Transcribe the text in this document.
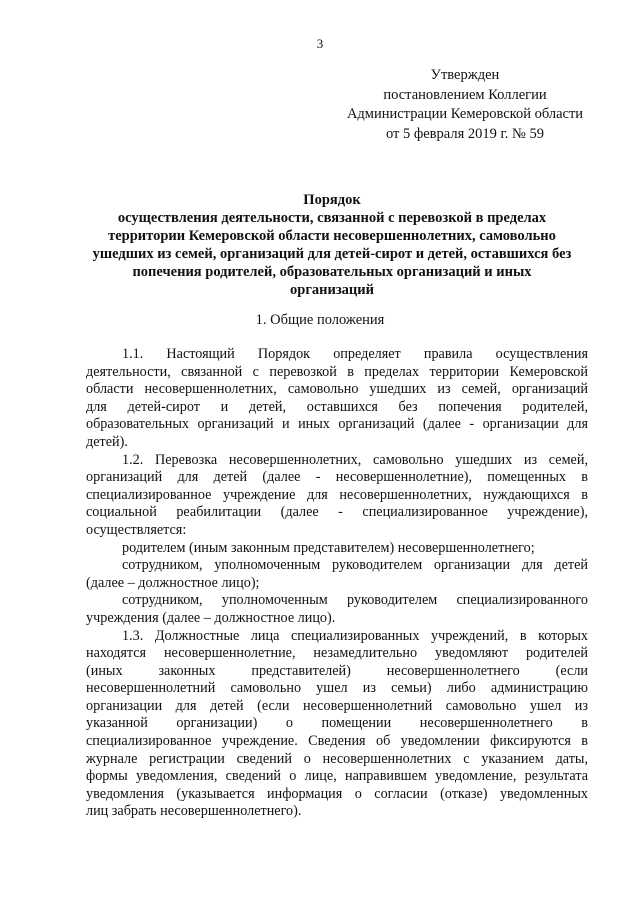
3
Утвержден
постановлением Коллегии
Администрации Кемеровской области
от 5 февраля 2019 г. № 59
Порядок
осуществления деятельности, связанной с перевозкой в пределах
территории Кемеровской области несовершеннолетних, самовольно
ушедших из семей, организаций для детей-сирот и детей, оставшихся без
попечения родителей, образовательных организаций и иных
организаций
1. Общие положения
1.1. Настоящий Порядок определяет правила осуществления
деятельности, связанной с перевозкой в пределах территории Кемеровской
области несовершеннолетних, самовольно ушедших из семей, организаций
для детей-сирот и детей, оставшихся без попечения родителей,
образовательных организаций и иных организаций (далее - организации для
детей).
1.2. Перевозка несовершеннолетних, самовольно ушедших из семей,
организаций для детей (далее - несовершеннолетние), помещенных в
специализированное учреждение для несовершеннолетних, нуждающихся в
социальной реабилитации (далее - специализированное учреждение),
осуществляется:
родителем (иным законным представителем) несовершеннолетнего;
сотрудником, уполномоченным руководителем организации для детей
(далее – должностное лицо);
сотрудником, уполномоченным руководителем специализированного
учреждения (далее – должностное лицо).
1.3. Должностные лица специализированных учреждений, в которых
находятся несовершеннолетние, незамедлительно уведомляют родителей
(иных законных представителей) несовершеннолетнего (если
несовершеннолетний самовольно ушел из семьи) либо администрацию
организации для детей (если несовершеннолетний самовольно ушел из
указанной организации) о помещении несовершеннолетнего в
специализированное учреждение. Сведения об уведомлении фиксируются в
журнале регистрации сведений о несовершеннолетних с указанием даты,
формы уведомления, сведений о лице, направившем уведомление, результата
уведомления (указывается информация о согласии (отказе) уведомленных
лиц забрать несовершеннолетнего).
